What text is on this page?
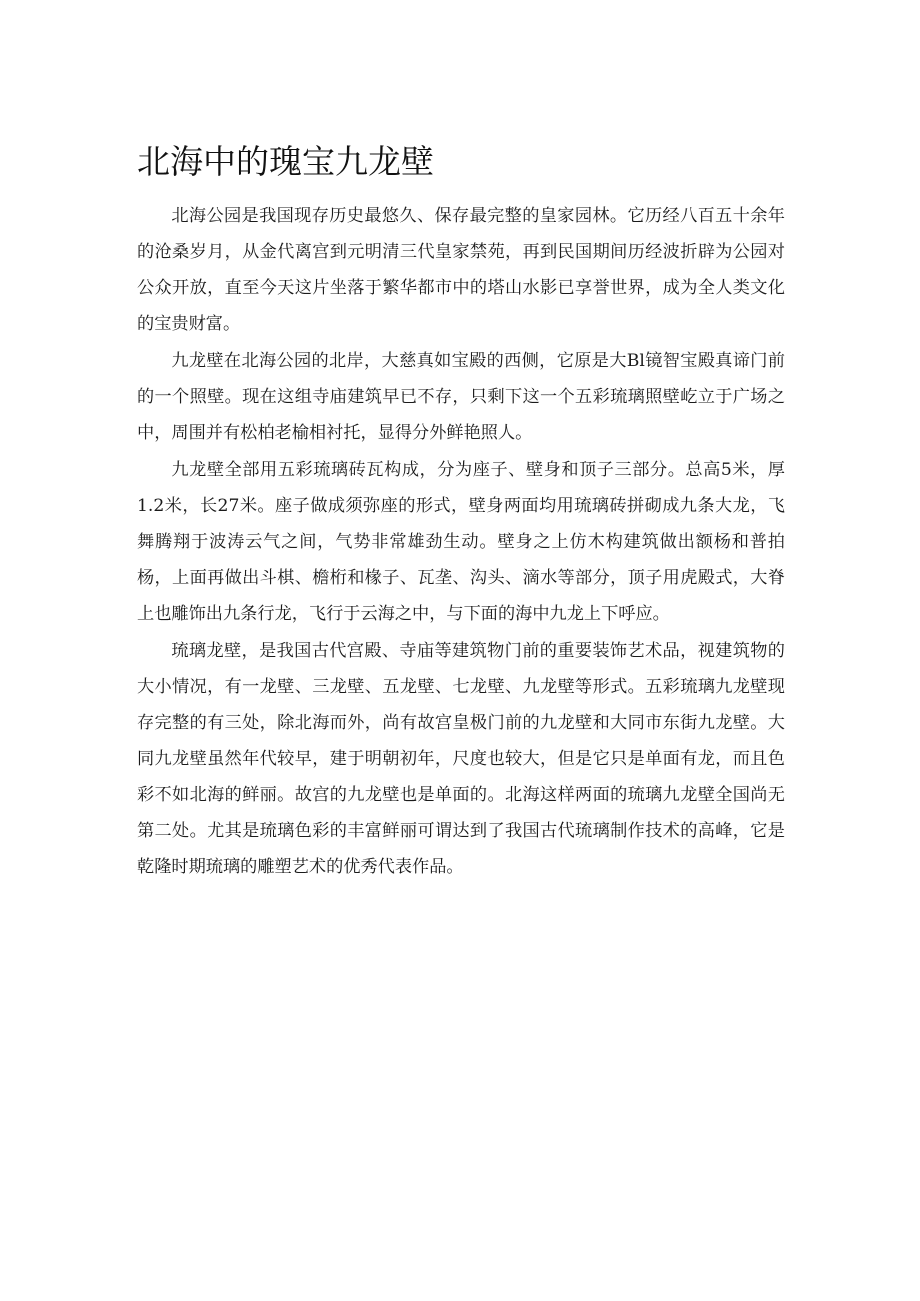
北海中的瑰宝九龙壁

北海公园是我国现存历史最悠久、保存最完整的皇家园林。它历经八百五十余年的沧桑岁月，从金代离宫到元明清三代皇家禁苑，再到民国期间历经波折辟为公园对公众开放，直至今天这片坐落于繁华都市中的塔山水影已享誉世界，成为全人类文化的宝贵财富。

九龙壁在北海公园的北岸，大慈真如宝殿的西侧，它原是大Bl镜智宝殿真谛门前的一个照壁。现在这组寺庙建筑早已不存，只剩下这一个五彩琉璃照壁屹立于广场之中，周围并有松柏老榆相衬托，显得分外鲜艳照人。

九龙壁全部用五彩琉璃砖瓦构成，分为座子、壁身和顶子三部分。总高5米，厚1.2米，长27米。座子做成须弥座的形式，壁身两面均用琉璃砖拼砌成九条大龙，飞舞腾翔于波涛云气之间，气势非常雄劲生动。壁身之上仿木构建筑做出额杨和普拍杨，上面再做出斗棋、檐桁和椽子、瓦垄、沟头、滴水等部分，顶子用虎殿式，大脊上也雕饰出九条行龙，飞行于云海之中，与下面的海中九龙上下呼应。

琉璃龙壁，是我国古代宫殿、寺庙等建筑物门前的重要装饰艺术品，视建筑物的大小情况，有一龙壁、三龙壁、五龙壁、七龙壁、九龙壁等形式。五彩琉璃九龙壁现存完整的有三处，除北海而外，尚有故宫皇极门前的九龙壁和大同市东街九龙壁。大同九龙壁虽然年代较早，建于明朝初年，尺度也较大，但是它只是单面有龙，而且色彩不如北海的鲜丽。故宫的九龙壁也是单面的。北海这样两面的琉璃九龙壁全国尚无第二处。尤其是琉璃色彩的丰富鲜丽可谓达到了我国古代琉璃制作技术的高峰，它是乾隆时期琉璃的雕塑艺术的优秀代表作品。
